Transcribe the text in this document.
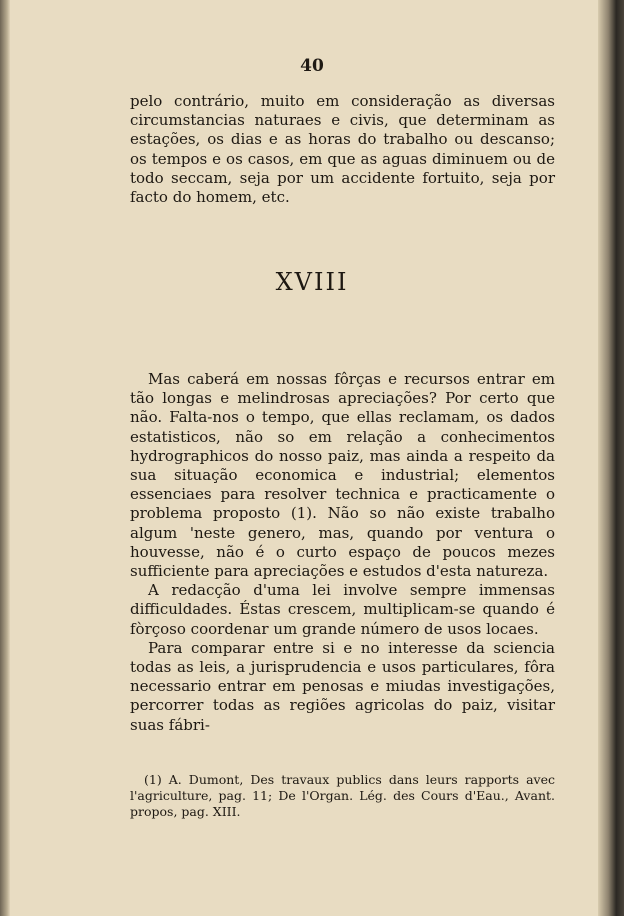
40

pelo contrário, muito em consideração as diversas circumstancias naturaes e civis, que determinam as estações, os dias e as horas do trabalho ou descanso; os tempos e os casos, em que as aguas diminuem ou de todo seccam, seja por um accidente fortuito, seja por facto do homem, etc.

XVIII

Mas caberá em nossas fôrças e recursos entrar em tão longas e melindrosas apreciações? Por certo que não. Falta-nos o tempo, que ellas reclamam, os dados estatisticos, não so em relação a conhecimentos hydrographicos do nosso paiz, mas ainda a respeito da sua situação economica e industrial; elementos essenciaes para resolver technica e practicamente o problema proposto (1). Não so não existe trabalho algum 'neste genero, mas, quando por ventura o houvesse, não é o curto espaço de poucos mezes sufficiente para apreciações e estudos d'esta natureza.

A redacção d'uma lei involve sempre immensas difficuldades. Éstas crescem, multiplicam-se quando é fòrçoso coordenar um grande número de usos locaes.

Para comparar entre si e no interesse da sciencia todas as leis, a jurisprudencia e usos particulares, fôra necessario entrar em penosas e miudas investigações, percorrer todas as regiões agricolas do paiz, visitar suas fábri-

(1) A. Dumont, Des travaux publics dans leurs rapports avec l'agriculture, pag. 11; De l'Organ. Lég. des Cours d'Eau., Avant. propos, pag. XIII.
